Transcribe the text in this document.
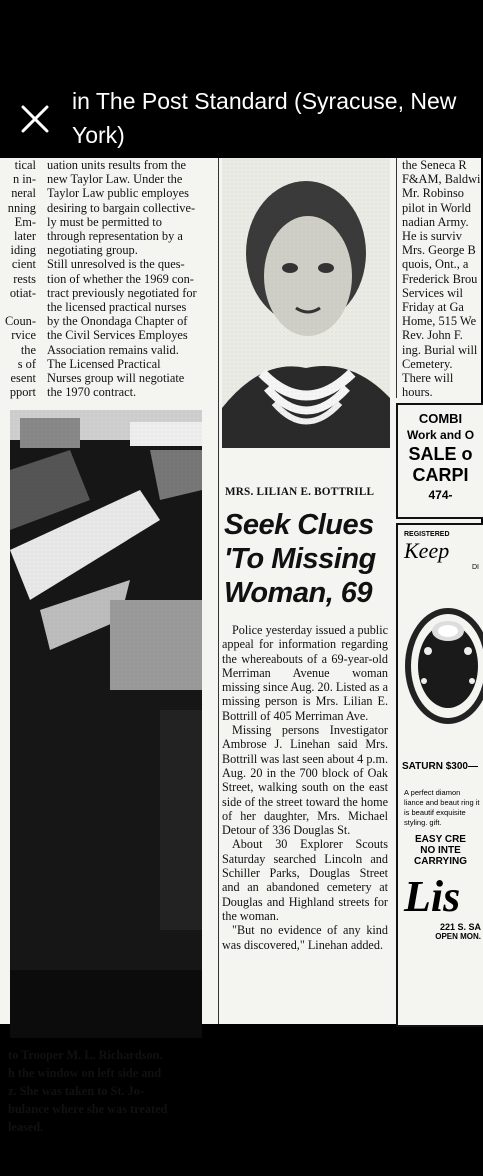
in The Post Standard (Syracuse, New York)
tical
n in-
neral
nning
Em-
later
iding
cient
rests
otiat-
Coun-
rvice
the
s of
esent
pport
uation units results from the
new Taylor Law. Under the
Taylor Law public employes
desiring to bargain collective-
ly must be permitted to
through representation by a
negotiating group.
Still unresolved is the ques-
tion of whether the 1969 con-
tract previously negotiated for
the licensed practical nurses
by the Onondaga Chapter of
the Civil Services Employes
Association remains valid.
The Licensed Practical
Nurses group will negotiate
the 1970 contract.
the Seneca R
F&AM, Baldwi
Mr. Robinso
pilot in World
nadian Army.
He is surviv
Mrs. George B
quois, Ont., a
Frederick Brou
Services wil
Friday at Ga
Home, 515 We
Rev. John F.
ing. Burial will
Cemetery.
There will
hours.
MRS. LILIAN E. BOTTRILL
Seek Clues 'To Missing Woman, 69

Police yesterday issued a public appeal for information regarding the whereabouts of a 69-year-old Merriman Avenue woman missing since Aug. 20. Listed as a missing person is Mrs. Lilian E. Bottrill of 405 Merriman Ave.

Missing persons Investigator Ambrose J. Linehan said Mrs. Bottrill was last seen about 4 p.m. Aug. 20 in the 700 block of Oak Street, walking south on the east side of the street toward the home of her daughter, Mrs. Michael Detour of 336 Douglas St.

About 30 Explorer Scouts Saturday searched Lincoln and Schiller Parks, Douglas Street and an abandoned cemetery at Douglas and Highland streets for the woman.

"But no evidence of any kind was discovered," Linehan added.

to Trooper M. L. Richardson.
h the window on left side and
z. She was taken to St. Jo-
bulance where she was treated
leased.
COMBI
Work and O
SALE o
CARPI
474-
REGISTERED
Keep
DI
SATURN $300—
A perfect diamon liance and beaut ring it is beautif exquisite styling. gift.
EASY CRE
NO INTE
CARRYING
Lis
221 S. SA
OPEN MON.
